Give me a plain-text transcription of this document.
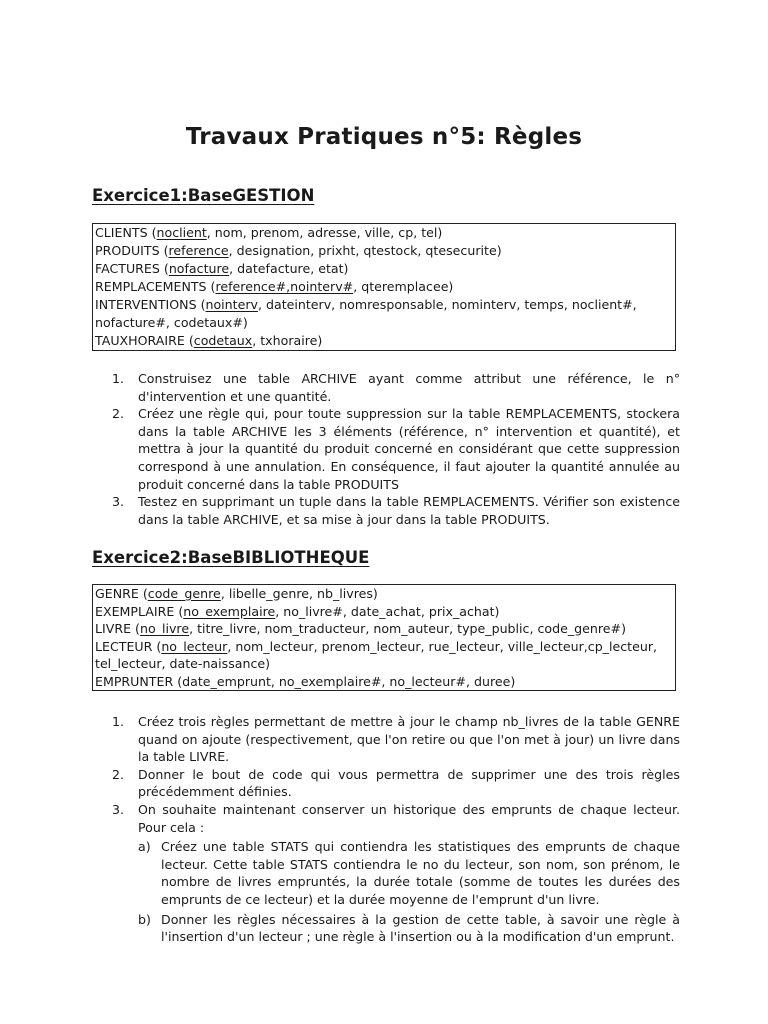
Travaux Pratiques n°5: Règles
Exercice1:BaseGESTION
CLIENTS (noclient, nom, prenom, adresse, ville, cp, tel)
PRODUITS (reference, designation, prixht, qtestock, qtesecurite)
FACTURES (nofacture, datefacture, etat)
REMPLACEMENTS (reference#,nointerv#, qteremplacee)
INTERVENTIONS (nointerv, dateinterv, nomresponsable, nominterv, temps, noclient#, nofacture#, codetaux#)
TAUXHORAIRE (codetaux, txhoraire)
1. Construisez une table ARCHIVE ayant comme attribut une référence, le n° d'intervention et une quantité.
2. Créez une règle qui, pour toute suppression sur la table REMPLACEMENTS, stockera dans la table ARCHIVE les 3 éléments (référence, n° intervention et quantité), et mettra à jour la quantité du produit concerné en considérant que cette suppression correspond à une annulation. En conséquence, il faut ajouter la quantité annulée au produit concerné dans la table PRODUITS
3. Testez en supprimant un tuple dans la table REMPLACEMENTS. Vérifier son existence dans la table ARCHIVE, et sa mise à jour dans la table PRODUITS.
Exercice2:BaseBIBLIOTHEQUE
GENRE (code_genre, libelle_genre, nb_livres)
EXEMPLAIRE (no_exemplaire, no_livre#, date_achat, prix_achat)
LIVRE (no_livre, titre_livre, nom_traducteur, nom_auteur, type_public, code_genre#)
LECTEUR (no_lecteur, nom_lecteur, prenom_lecteur, rue_lecteur, ville_lecteur,cp_lecteur, tel_lecteur, date-naissance)
EMPRUNTER (date_emprunt, no_exemplaire#, no_lecteur#, duree)
1. Créez trois règles permettant de mettre à jour le champ nb_livres de la table GENRE quand on ajoute (respectivement, que l'on retire ou que l'on met à jour) un livre dans la table LIVRE.
2. Donner le bout de code qui vous permettra de supprimer une des trois règles précédemment définies.
3. On souhaite maintenant conserver un historique des emprunts de chaque lecteur. Pour cela :
a) Créez une table STATS qui contiendra les statistiques des emprunts de chaque lecteur. Cette table STATS contiendra le no du lecteur, son nom, son prénom, le nombre de livres empruntés, la durée totale (somme de toutes les durées des emprunts de ce lecteur) et la durée moyenne de l'emprunt d'un livre.
b) Donner les règles nécessaires à la gestion de cette table, à savoir une règle à l'insertion d'un lecteur ; une règle à l'insertion ou à la modification d'un emprunt.
